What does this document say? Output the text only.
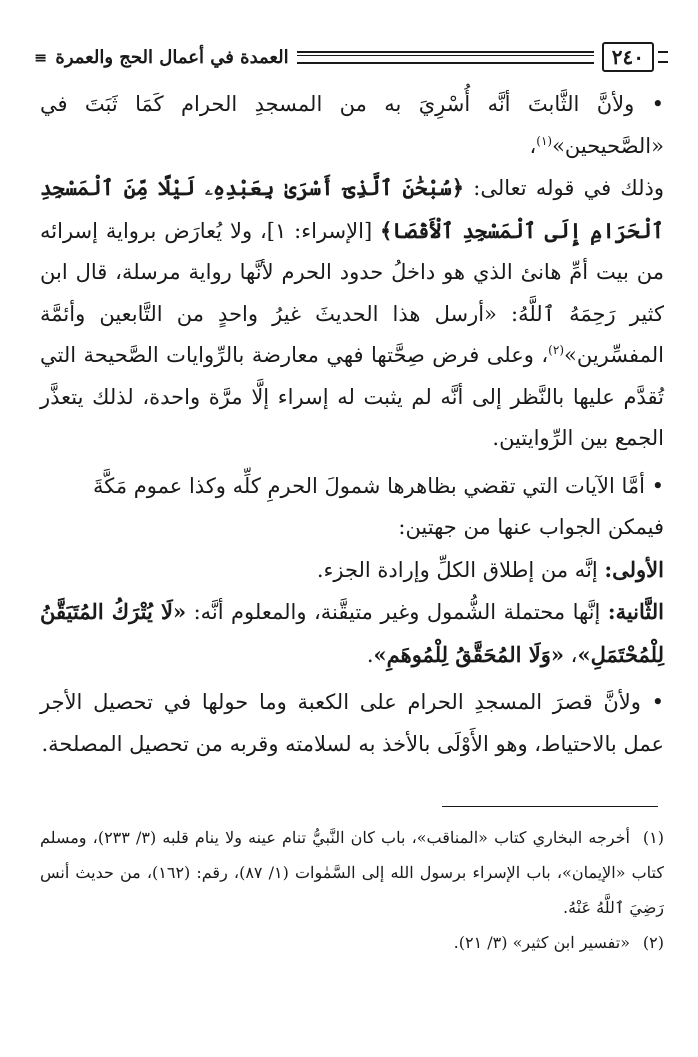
٢٤٠
العمدة في أعمال الحج والعمرة
≡

• ولأنَّ الثَّابتَ أنَّه أُسْرِيَ به من المسجدِ الحرام كَمَا ثَبَتَ في «الصَّحيحين»$^{(١)}$،

وذلك في قوله تعالى: ﴿سُبْحَٰنَ ٱلَّذِىٓ أَسْرَىٰ بِعَبْدِهِۦ لَيْلًا مِّنَ ٱلْمَسْجِدِ ٱلْحَرَامِ إِلَى ٱلْمَسْجِدِ ٱلْأَقْصَا﴾ [الإسراء: ١]، ولا يُعارَض برواية إسرائه من بيت أمِّ هانئ الذي هو داخلُ حدود الحرم لأنَّها رواية مرسلة، قال ابن كثير رَحِمَهُ ٱللَّهُ: «أرسل هذا الحديثَ غيرُ واحدٍ من التَّابعين وأئمَّة المفسِّرين»$^{(٢)}$، وعلى فرض صِحَّتها فهي معارضة بالرِّوايات الصَّحيحة التي تُقدَّم عليها بالنَّظر إلى أنَّه لم يثبت له إسراء إلَّا مرَّة واحدة، لذلك يتعذَّر الجمع بين الرِّوايتين.

• أمَّا الآيات التي تقضي بظاهرها شمولَ الحرمِ كلِّه وكذا عموم مَكَّةَ

فيمكن الجواب عنها من جهتين:

الأولى: إنَّه من إطلاق الكلِّ وإرادة الجزء.

الثَّانية: إنَّها محتملة الشُّمول وغير متيقَّنة، والمعلوم أنَّه: «لَا يُتْرَكُ المُتَيَقَّنُ لِلْمُحْتَمَلِ»، «وَلَا المُحَقَّقُ لِلْمُوهَمِ».

• ولأنَّ قصرَ المسجدِ الحرام على الكعبة وما حولها في تحصيل الأجر عمل بالاحتياط، وهو الأَوْلَى بالأخذ به لسلامته وقربه من تحصيل المصلحة.

(١)أخرجه البخاري كتاب «المناقب»، باب كان النَّبيُّ تنام عينه ولا ينام قلبه (٣/ ٢٣٣)، ومسلم كتاب «الإيمان»، باب الإسراء برسول الله إلى السَّمٰوات (١/ ٨٧)، رقم: (١٦٢)، من حديث أنس رَضِيَ ٱللَّهُ عَنْهُ.

(٢)«تفسير ابن كثير» (٣/ ٢١).
